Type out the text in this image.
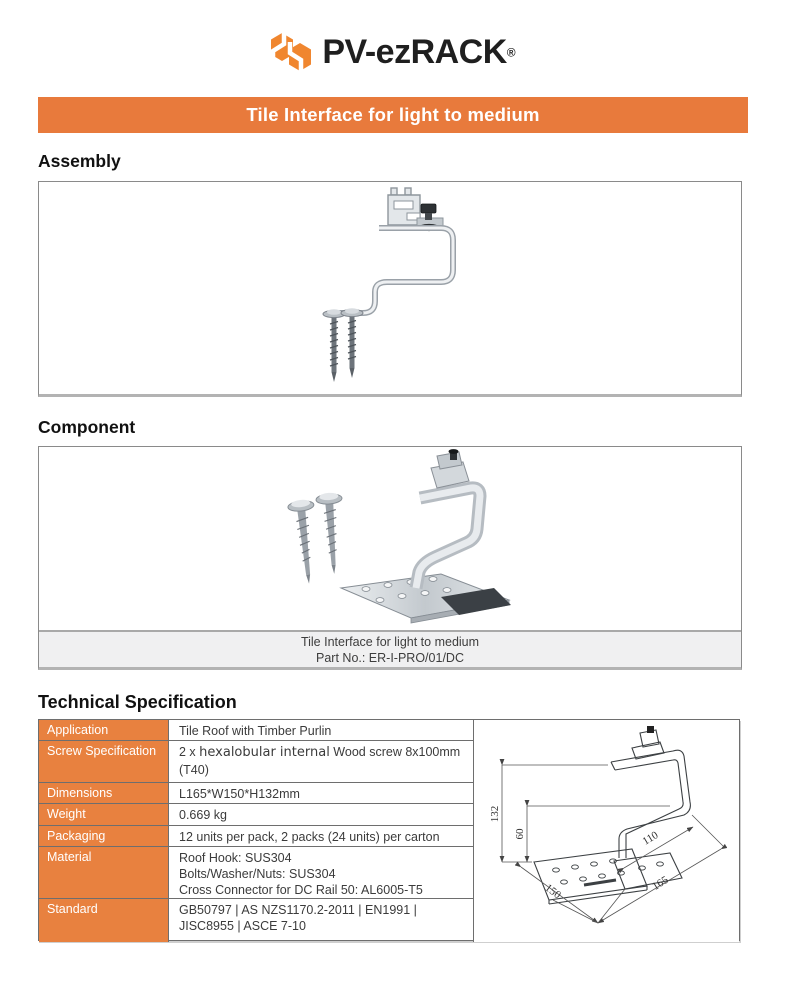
PV-ezRACK®
Tile Interface for light to medium
Assembly
Component
Tile Interface for light to medium
Part No.: ER-I-PRO/01/DC
Technical Specification
Application	Tile Roof with Timber Purlin
Screw Specification	2 x hexalobular internal Wood screw 8x100mm (T40)
Dimensions	L165*W150*H132mm
Weight	0.669 kg
Packaging	12 units per pack, 2 packs (24 units) per carton
Material	Roof Hook: SUS304
Bolts/Washer/Nuts: SUS304
Cross Connector for DC Rail 50: AL6005-T5
Standard	GB50797 | AS NZS1170.2-2011 | EN1991 | JISC8955 | ASCE 7-10
132
60	110
165
150
